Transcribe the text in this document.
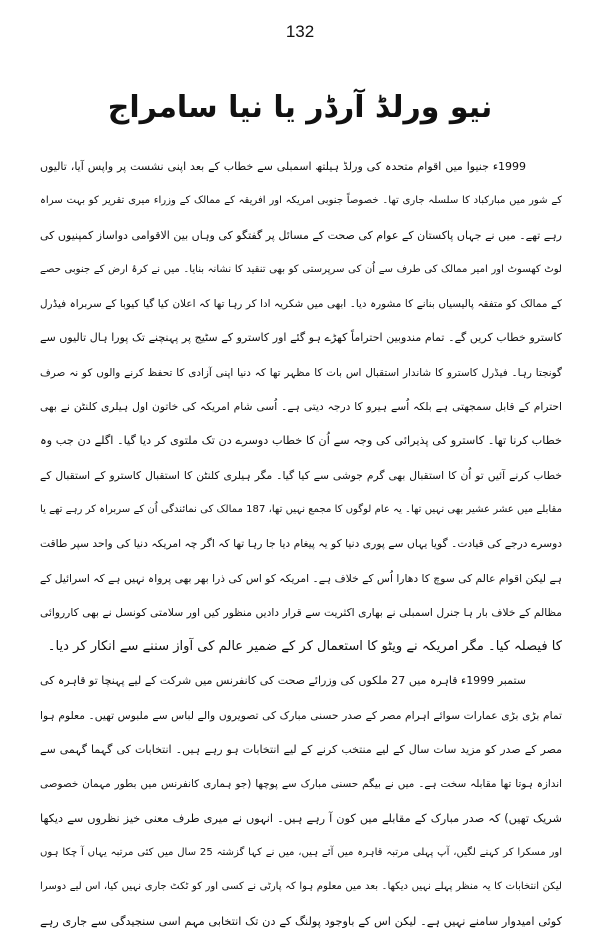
132
نیو ورلڈ آرڈر یا نیا سامراج
1999ء جنیوا میں اقوام متحدہ کی ورلڈ ہیلتھ اسمبلی سے خطاب کے بعد اپنی نشست پر واپس آیا، تالیوں
کے شور میں مبارکباد کا سلسلہ جاری تھا۔ خصوصاً جنوبی امریکہ اور افریقہ کے ممالک کے وزراء میری تقریر کو بہت سراہ
رہے تھے۔ میں نے جہاں پاکستان کے عوام کی صحت کے مسائل پر گفتگو کی وہاں بین الاقوامی دواساز کمپنیوں کی
لوٹ کھسوٹ اور امیر ممالک کی طرف سے اُن کی سرپرستی کو بھی تنقید کا نشانہ بنایا۔ میں نے کرۂ ارض کے جنوبی حصے
کے ممالک کو متفقہ پالیسیاں بنانے کا مشورہ دیا۔ ابھی میں شکریہ ادا کر رہا تھا کہ اعلان کیا گیا کیوبا کے سربراہ فیڈرل
کاسترو خطاب کریں گے۔ تمام مندوبین احتراماً کھڑے ہو گئے اور کاسترو کے سٹیج پر پہنچنے تک پورا ہال تالیوں سے
گونجتا رہا۔ فیڈرل کاسترو کا شاندار استقبال اس بات کا مظہر تھا کہ دنیا اپنی آزادی کا تحفظ کرنے والوں کو نہ صرف
احترام کے قابل سمجھتی ہے بلکہ اُسے ہیرو کا درجہ دیتی ہے۔ اُسی شام امریکہ کی خاتون اول ہیلری کلنٹن نے بھی
خطاب کرنا تھا۔ کاسترو کی پذیرائی کی وجہ سے اُن کا خطاب دوسرے دن تک ملتوی کر دیا گیا۔ اگلے دن جب وہ
خطاب کرنے آئیں تو اُن کا استقبال بھی گرم جوشی سے کیا گیا۔ مگر ہیلری کلنٹن کا استقبال کاسترو کے استقبال کے
مقابلے میں عشر عشیر بھی نہیں تھا۔ یہ عام لوگوں کا مجمع نہیں تھا، 187 ممالک کی نمائندگی اُن کے سربراہ کر رہے تھے یا
دوسرے درجے کی قیادت۔ گویا یہاں سے پوری دنیا کو یہ پیغام دیا جا رہا تھا کہ اگر چہ امریکہ دنیا کی واحد سپر طاقت
ہے لیکن اقوام عالم کی سوچ کا دھارا اُس کے خلاف ہے۔ امریکہ کو اس کی ذرا بھر بھی پرواہ نہیں ہے کہ اسرائیل کے
مظالم کے خلاف بار ہا جنرل اسمبلی نے بھاری اکثریت سے قرار دادیں منظور کیں اور سلامتی کونسل نے بھی کارروائی
کا فیصلہ کیا۔ مگر امریکہ نے ویٹو کا استعمال کر کے ضمیر عالم کی آواز سننے سے انکار کر دیا۔
ستمبر 1999ء قاہرہ میں 27 ملکوں کی وزرائے صحت کی کانفرنس میں شرکت کے لیے پہنچا تو قاہرہ کی
تمام بڑی بڑی عمارات سوائے اہرام مصر کے صدر حسنی مبارک کی تصویروں والے لباس سے ملبوس تھیں۔ معلوم ہوا
مصر کے صدر کو مزید سات سال کے لیے منتخب کرنے کے لیے انتخابات ہو رہے ہیں۔ انتخابات کی گہما گہمی سے
اندازہ ہوتا تھا مقابلہ سخت ہے۔ میں نے بیگم حسنی مبارک سے پوچھا (جو ہماری کانفرنس میں بطور مہمان خصوصی
شریک تھیں) کہ صدر مبارک کے مقابلے میں کون آ رہے ہیں۔ انہوں نے میری طرف معنی خیز نظروں سے دیکھا
اور مسکرا کر کہنے لگیں، آپ پہلی مرتبہ قاہرہ میں آئے ہیں، میں نے کہا گزشتہ 25 سال میں کئی مرتبہ یہاں آ چکا ہوں
لیکن انتخابات کا یہ منظر پہلے نہیں دیکھا۔ بعد میں معلوم ہوا کہ پارٹی نے کسی اور کو ٹکٹ جاری نہیں کیا، اس لیے دوسرا
کوئی امیدوار سامنے نہیں ہے۔ لیکن اس کے باوجود پولنگ کے دن تک انتخابی مہم اسی سنجیدگی سے جاری رہے
